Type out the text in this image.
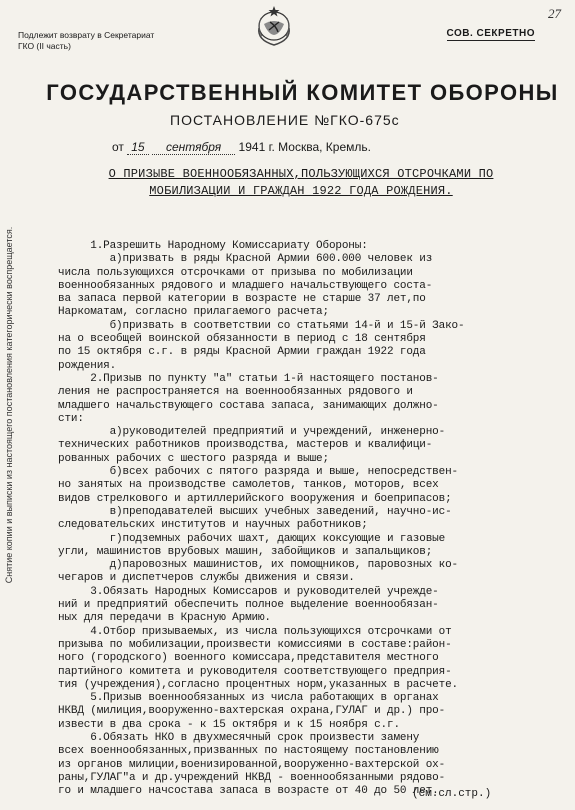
Подлежит возврату в Секретариат
ГКО (II часть)
27
СОВ. СЕКРЕТНО
Снятие копии и выписки из настоящего постановления категорически воспрещается.
ГОСУДАРСТВЕННЫЙ КОМИТЕТ ОБОРОНЫ
ПОСТАНОВЛЕНИЕ №ГКО-675с
от 15 сентября 1941 г. Москва, Кремль.
О ПРИЗЫВЕ ВОЕННООБЯЗАННЫХ,ПОЛЬЗУЮЩИХСЯ ОТСРОЧКАМИ ПО
МОБИЛИЗАЦИИ И ГРАЖДАН 1922 ГОДА РОЖДЕНИЯ.
1.Разрешить Народному Комиссариату Обороны:
а)призвать в ряды Красной Армии 600.000 человек из
числа пользующихся отсрочками от призыва по мобилизации
военнообязанных рядового и младшего начальствующего соста-
ва запаса первой категории в возрасте не старше 37 лет,по
Наркоматам, согласно прилагаемого расчета;
б)призвать в соответствии со статьями 14-й и 15-й Зако-
на о всеобщей воинской обязанности в период с 18 сентября
по 15 октября с.г. в ряды Красной Армии граждан 1922 года
рождения.
2.Призыв по пункту "а" статьи 1-й настоящего постанов-
ления не распространяется на военнообязанных рядового и
младшего начальствующего состава запаса, занимающих должно-
сти:
а)руководителей предприятий и учреждений, инженерно-
технических работников производства, мастеров и квалифици-
рованных рабочих с шестого разряда и выше;
б)всех рабочих с пятого разряда и выше, непосредствен-
но занятых на производстве самолетов, танков, моторов, всех
видов стрелкового и артиллерийского вооружения и боеприпасов;
в)преподавателей высших учебных заведений, научно-ис-
следовательских институтов и научных работников;
г)подземных рабочих шахт, дающих коксующие и газовые
угли, машинистов врубовых машин, забойщиков и запальщиков;
д)паровозных машинистов, их помощников, паровозных ко-
чегаров и диспетчеров службы движения и связи.
3.Обязать Народных Комиссаров и руководителей учрежде-
ний и предприятий обеспечить полное выделение военнообязан-
ных для передачи в Красную Армию.
4.Отбор призываемых, из числа пользующихся отсрочками от
призыва по мобилизации,произвести комиссиями в составе:район-
ного (городского) военного комиссара,представителя местного
партийного комитета и руководителя соответствующего предприя-
тия (учреждения),согласно процентных норм,указанных в расчете.
5.Призыв военнообязанных из числа работающих в органах
НКВД (милиция,вооруженно-вахтерская охрана,ГУЛАГ и др.) про-
извести в два срока - к 15 октября и к 15 ноября с.г.
6.Обязать НКО в двухмесячный срок произвести замену
всех военнообязанных,призванных по настоящему постановлению
из органов милиции,военизированной,вооруженно-вахтерской ох-
раны,ГУЛАГ"а и др.учреждений НКВД - военнообязанными рядово-
го и младшего начсостава запаса в возрасте от 40 до 50 лет.
(см.сл.стр.)
